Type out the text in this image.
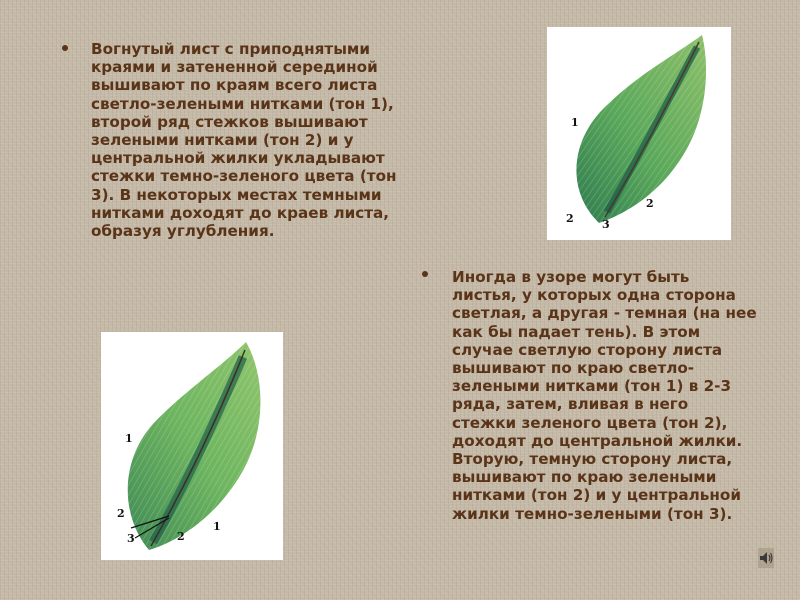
Вогнутый лист с приподнятыми краями и затененной серединой вышивают по краям всего листа светло-зелеными нитками (тон 1), второй ряд стежков вышивают зелеными нитками (тон 2) и у центральной жилки укладывают стежки темно-зеленого цвета (тон 3). В некоторых местах темными нитками доходят до краев листа, образуя углубления.

1
2	3
2
1
2
3	2
1

Иногда в узоре могут быть листья, у которых одна сторона светлая, а другая - темная (на нее как бы падает тень). В этом случае светлую сторону листа вышивают по краю светло-зелеными нитками (тон 1) в 2-3 ряда, затем, вливая в него стежки зеленого цвета (тон 2), доходят до центральной жилки. Вторую, темную сторону листа, вышивают по краю зелеными нитками (тон 2) и у центральной жилки темно-зелеными (тон 3).
